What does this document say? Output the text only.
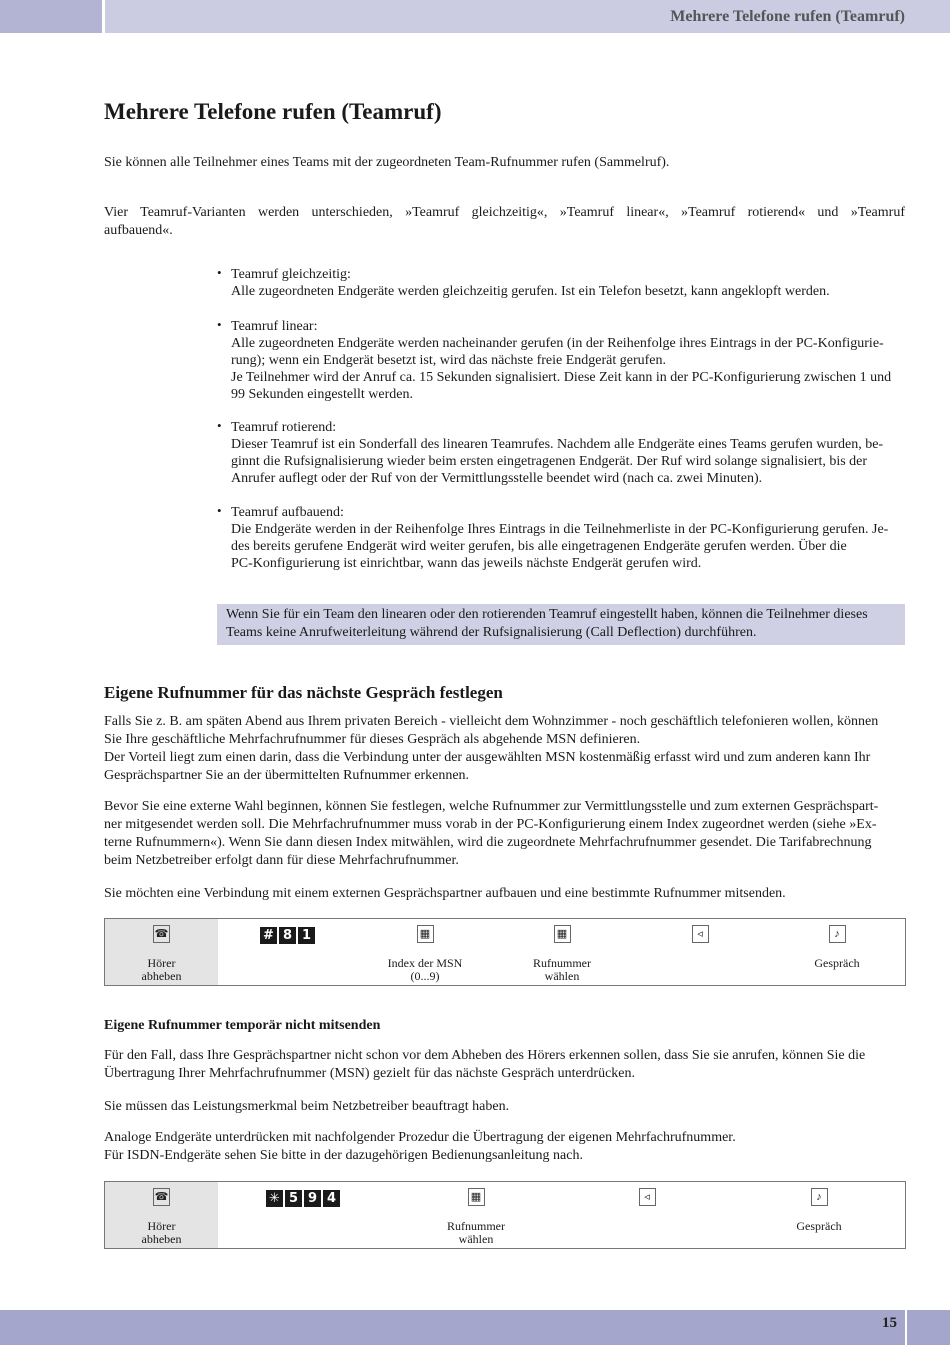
Mehrere Telefone rufen (Teamruf)
Mehrere Telefone rufen (Teamruf)

Sie können alle Teilnehmer eines Teams mit der zugeordneten Team-Rufnummer rufen (Sammelruf).

Vier Teamruf-Varianten werden unterschieden, »Teamruf gleichzeitig«, »Teamruf linear«, »Teamruf rotierend« und »Teamruf

aufbauend«.

• Teamruf gleichzeitig:
Alle zugeordneten Endgeräte werden gleichzeitig gerufen. Ist ein Telefon besetzt, kann angeklopft werden.
• Teamruf linear:
Alle zugeordneten Endgeräte werden nacheinander gerufen (in der Reihenfolge ihres Eintrags in der PC-Konfigurie-
rung); wenn ein Endgerät besetzt ist, wird das nächste freie Endgerät gerufen.
Je Teilnehmer wird der Anruf ca. 15 Sekunden signalisiert. Diese Zeit kann in der PC-Konfigurierung zwischen 1 und
99 Sekunden eingestellt werden.
• Teamruf rotierend:
Dieser Teamruf ist ein Sonderfall des linearen Teamrufes. Nachdem alle Endgeräte eines Teams gerufen wurden, be-
ginnt die Rufsignalisierung wieder beim ersten eingetragenen Endgerät. Der Ruf wird solange signalisiert, bis der
Anrufer auflegt oder der Ruf von der Vermittlungsstelle beendet wird (nach ca. zwei Minuten).
• Teamruf aufbauend:
Die Endgeräte werden in der Reihenfolge Ihres Eintrags in die Teilnehmerliste in der PC-Konfigurierung gerufen. Je-
des bereits gerufene Endgerät wird weiter gerufen, bis alle eingetragenen Endgeräte gerufen werden. Über die
PC-Konfigurierung ist einrichtbar, wann das jeweils nächste Endgerät gerufen wird.
Wenn Sie für ein Team den linearen oder den rotierenden Teamruf eingestellt haben, können die Teilnehmer dieses
Teams keine Anrufweiterleitung während der Rufsignalisierung (Call Deflection) durchführen.
Eigene Rufnummer für das nächste Gespräch festlegen

Falls Sie z. B. am späten Abend aus Ihrem privaten Bereich - vielleicht dem Wohnzimmer - noch geschäftlich telefonieren wollen, können

Sie Ihre geschäftliche Mehrfachrufnummer für dieses Gespräch als abgehende MSN definieren.

Der Vorteil liegt zum einen darin, dass die Verbindung unter der ausgewählten MSN kostenmäßig erfasst wird und zum anderen kann Ihr

Gesprächspartner Sie an der übermittelten Rufnummer erkennen.

Bevor Sie eine externe Wahl beginnen, können Sie festlegen, welche Rufnummer zur Vermittlungsstelle und zum externen Gesprächspart-

ner mitgesendet werden soll. Die Mehrfachrufnummer muss vorab in der PC-Konfigurierung einem Index zugeordnet werden (siehe »Ex-

terne Rufnummern«). Wenn Sie dann diesen Index mitwählen, wird die zugeordnete Mehrfachrufnummer gesendet. Die Tarifabrechnung

beim Netzbetreiber erfolgt dann für diese Mehrfachrufnummer.

Sie möchten eine Verbindung mit einem externen Gesprächspartner aufbauen und eine bestimmte Rufnummer mitsenden.

☎
Hörer
abheben
# 8 1	▦
Index der MSN
(0...9)
▦
Rufnummer
wählen
◃	♪
Gespräch
Eigene Rufnummer temporär nicht mitsenden

Für den Fall, dass Ihre Gesprächspartner nicht schon vor dem Abheben des Hörers erkennen sollen, dass Sie sie anrufen, können Sie die

Übertragung Ihrer Mehrfachrufnummer (MSN) gezielt für das nächste Gespräch unterdrücken.

Sie müssen das Leistungsmerkmal beim Netzbetreiber beauftragt haben.

Analoge Endgeräte unterdrücken mit nachfolgender Prozedur die Übertragung der eigenen Mehrfachrufnummer.

Für ISDN-Endgeräte sehen Sie bitte in der dazugehörigen Bedienungsanleitung nach.

☎
Hörer
abheben
✳ 5 9 4	▦
Rufnummer
wählen
◃	♪
Gespräch
15
